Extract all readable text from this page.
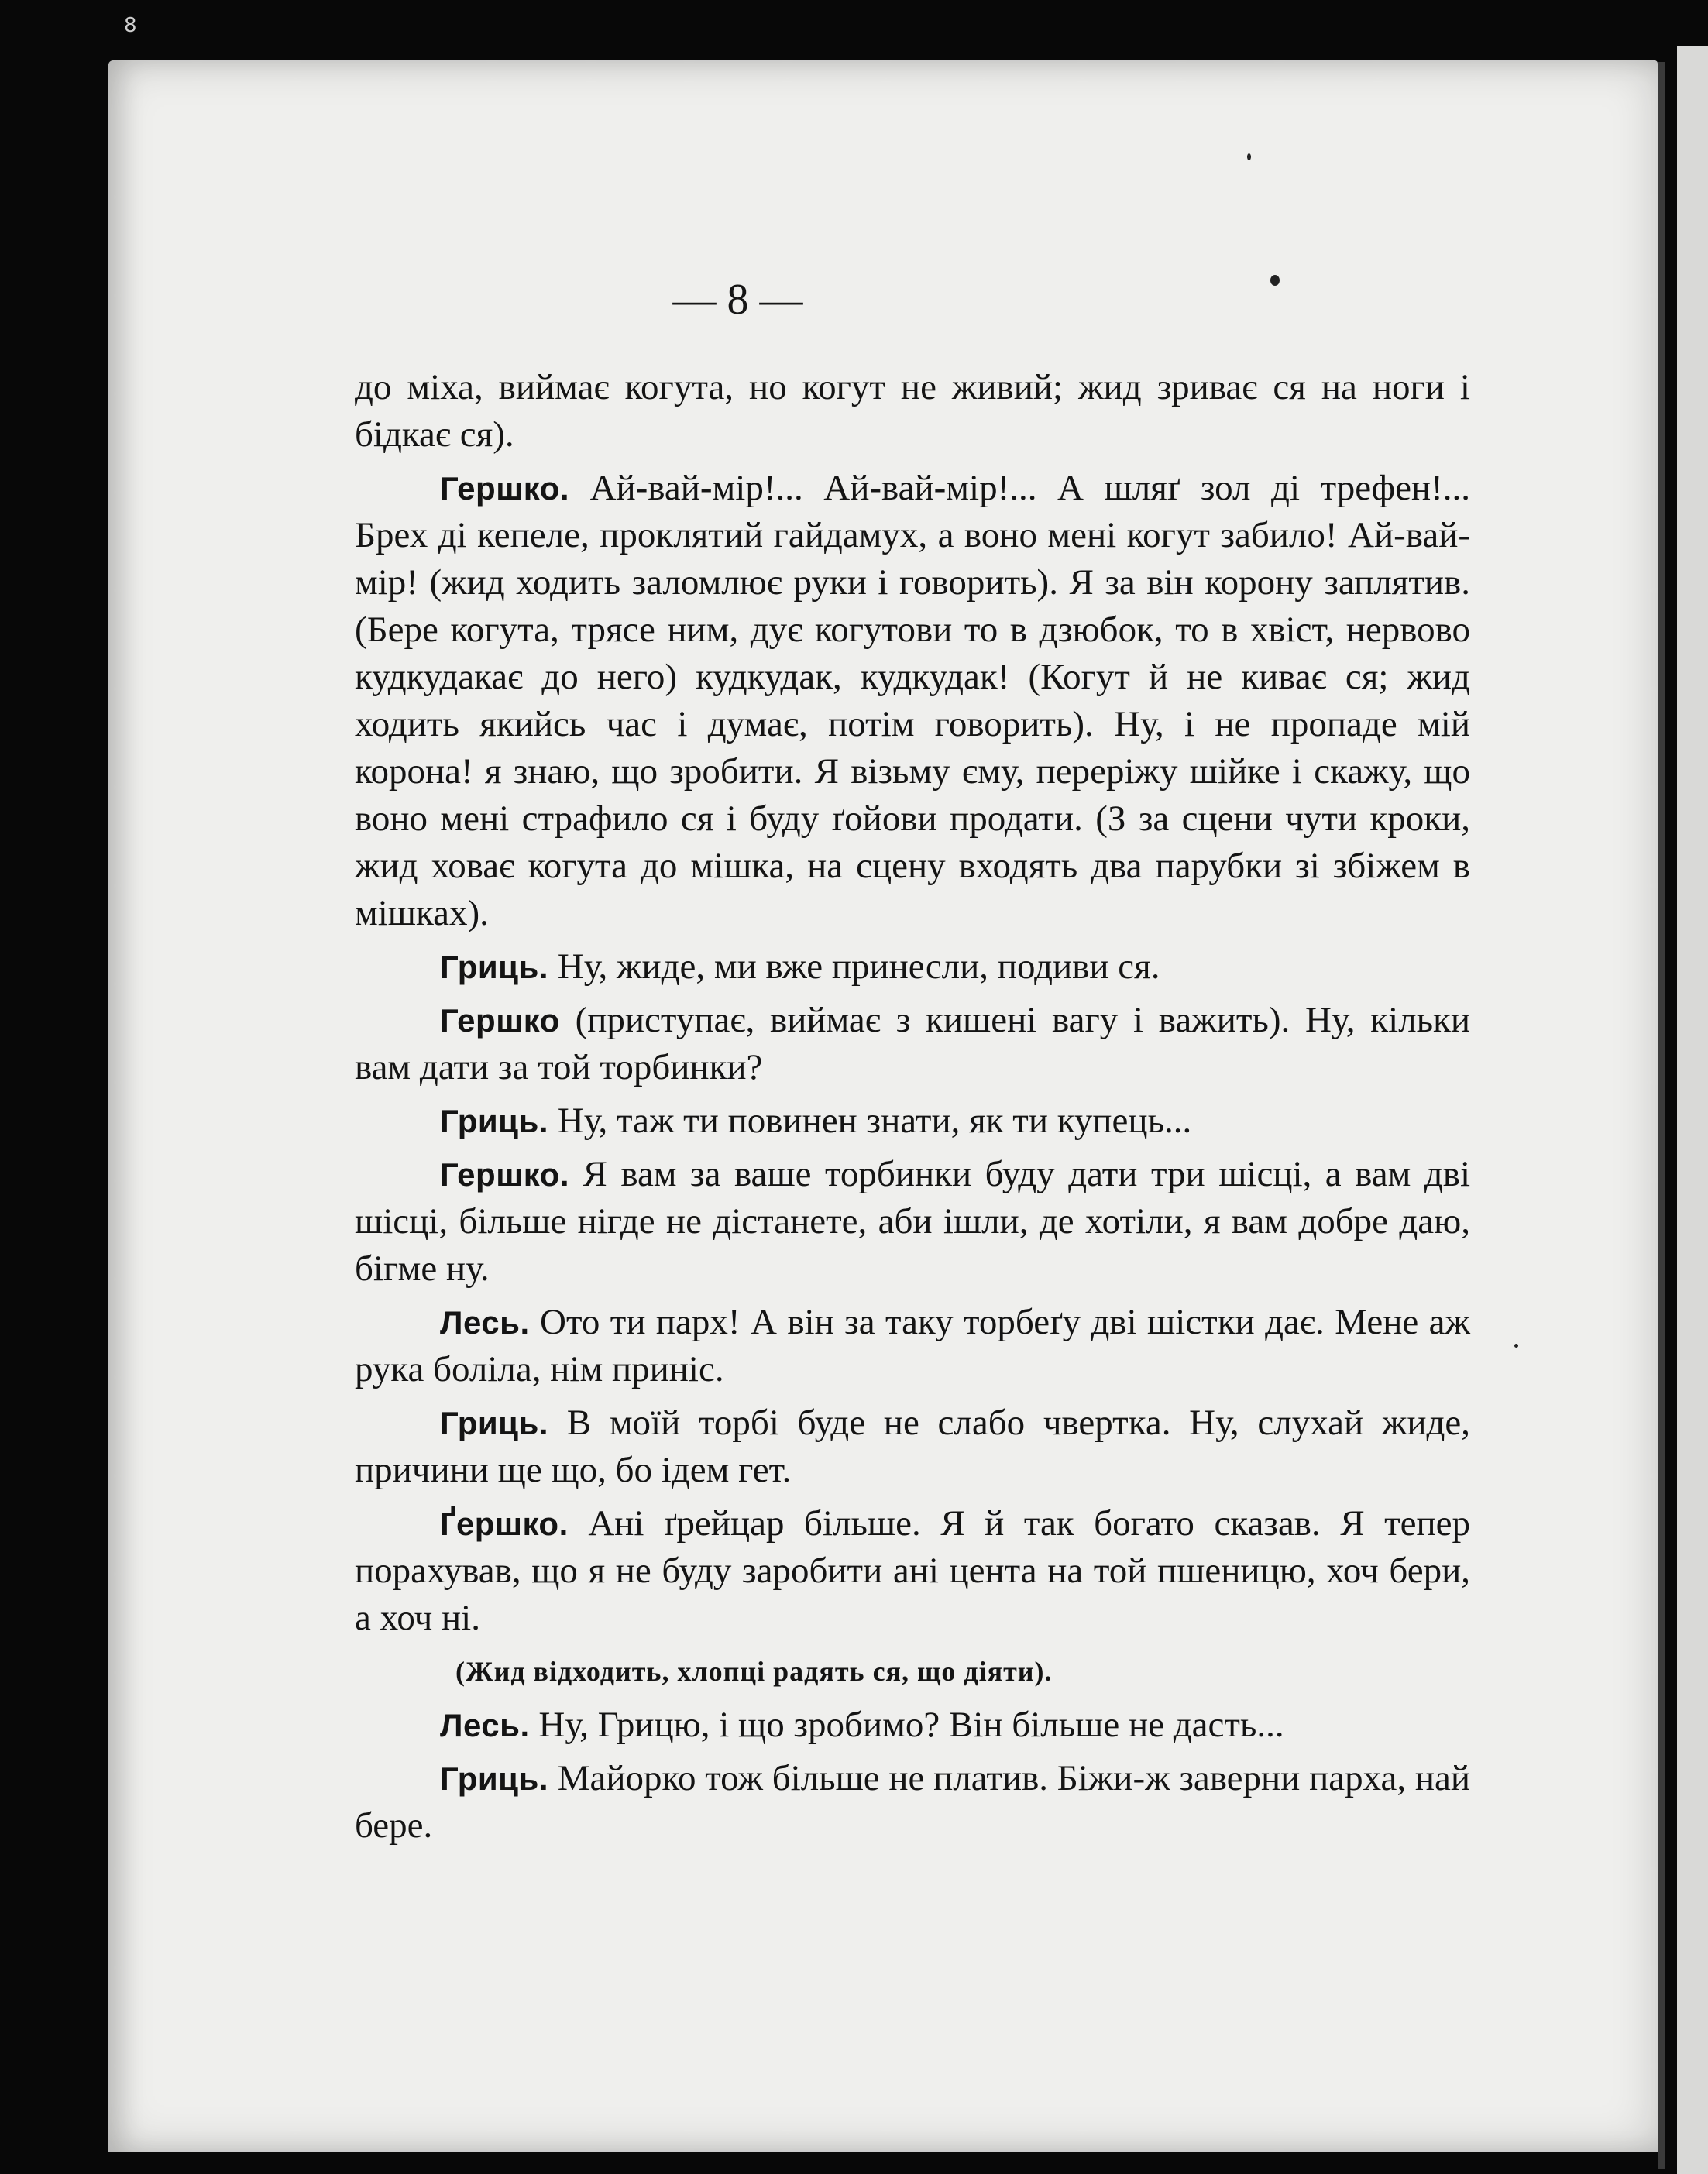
8
— 8 —

до міха, виймає когута, но когут не живий; жид зриває ся на ноги і бідкає ся).

Гершко. Ай-вай-мір!... Ай-вай-мір!... А шляґ зол ді трефен!... Брех ді кепеле, проклятий гайдамух, а воно мені когут забило! Ай-вай-мір! (жид ходить заломлює руки і говорить). Я за він корону заплятив. (Бере когута, трясе ним, дує когутови то в дзюбок, то в хвіст, нервово кудкудакає до него) кудкудак, кудкудак! (Когут й не киває ся; жид ходить якийсь час і думає, потім говорить). Ну, і не пропаде мій корона! я знаю, що зробити. Я візьму єму, переріжу шійке і скажу, що воно мені страфило ся і буду ґойови продати. (З за сцени чути кроки, жид ховає когута до мішка, на сцену входять два парубки зі збіжем в мішках).

Гриць. Ну, жиде, ми вже принесли, подиви ся.

Гершко (приступає, виймає з кишені вагу і важить). Ну, кільки вам дати за той торбинки?

Гриць. Ну, таж ти повинен знати, як ти купець...

Гершко. Я вам за ваше торбинки буду дати три шісці, а вам дві шісці, більше нігде не дістанете, аби ішли, де хотіли, я вам добре даю, бігме ну.

Лесь. Ото ти парх! А він за таку торбеґу дві шістки дає. Мене аж рука боліла, нім приніс.

Гриць. В моїй торбі буде не слабо чвертка. Ну, слухай жиде, причини ще що, бо ідем гет.

Ґершко. Ані ґрейцар більше. Я й так богато сказав. Я тепер порахував, що я не буду заробити ані цента на той пшеницю, хоч бери, а хоч ні.

(Жид відходить, хлопці радять ся, що діяти).

Лесь. Ну, Грицю, і що зробимо? Він більше не дасть...

Гриць. Майорко тож більше не платив. Біжи-ж заверни парха, най бере.
